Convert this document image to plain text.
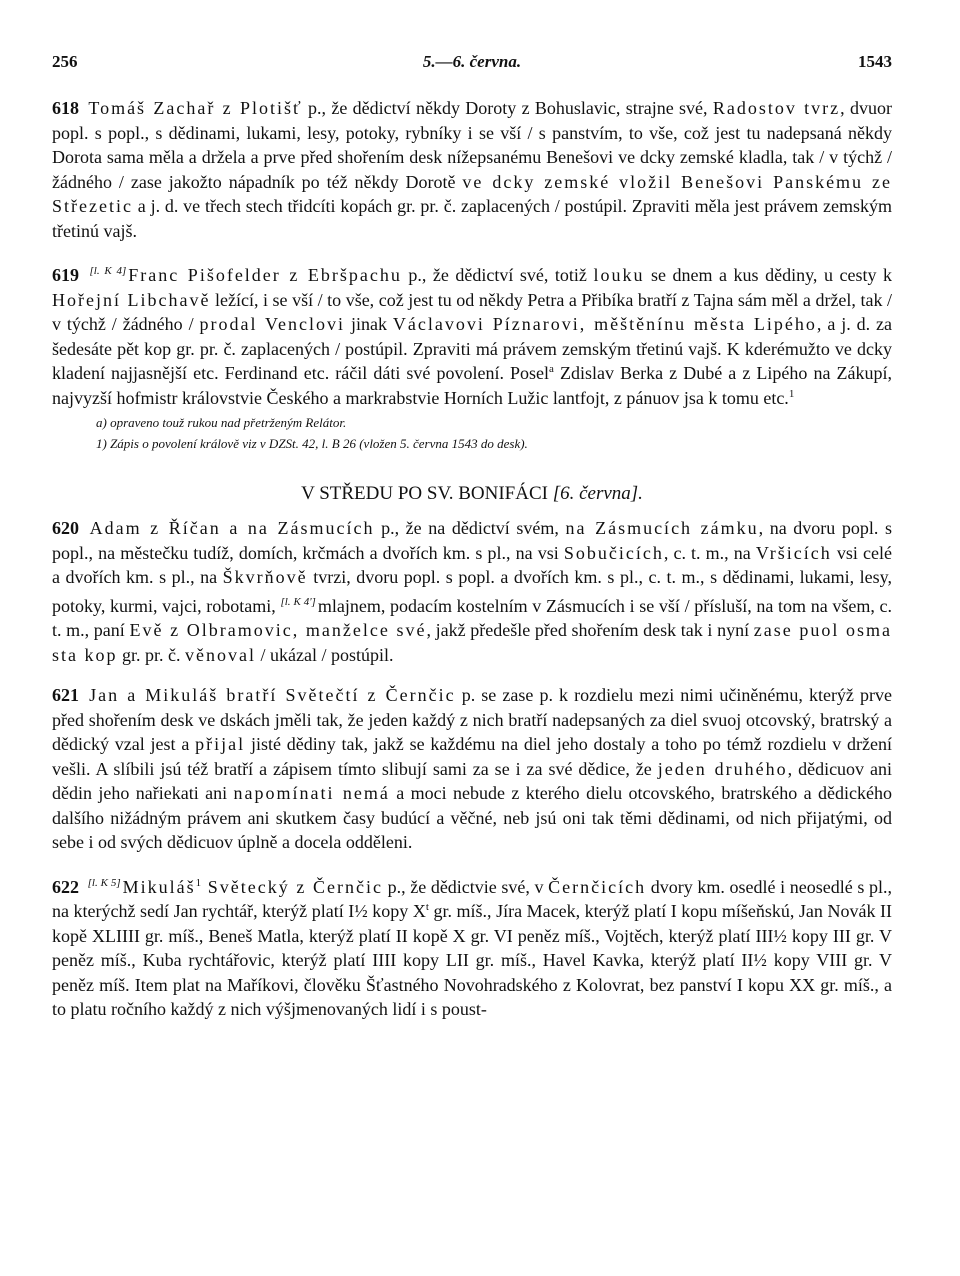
256	5.—6. června.	1543

618 Tomáš Zachař z Plotišť p., že dědictví někdy Doroty z Bohuslavic, strajne své, Radostov tvrz, dvuor popl. s popl., s dědinami, lukami, lesy, potoky, rybníky i se vší / s panstvím, to vše, což jest tu nadepsaná někdy Dorota sama měla a držela a prve před shořením desk nížepsanému Benešovi ve dcky zemské kladla, tak / v týchž / žádného / zase jakožto nápadník po též někdy Dorotě ve dcky zemské vložil Benešovi Panskému ze Střezetic a j. d. ve třech stech třidcíti kopách gr. pr. č. zaplacených / postúpil. Zpraviti měla jest právem zemským třetinú vajš.

619 [l. K 4] Franc Pišofelder z Ebršpachu p., že dědictví své, totiž louku se dnem a kus dědiny, u cesty k Hořejní Libchavě ležící, i se vší / to vše, což jest tu od někdy Petra a Přibíka bratří z Tajna sám měl a držel, tak / v týchž / žádného / prodal Venclovi jinak Václavovi Píznarovi, měštěnínu města Lipého, a j. d. za šedesáte pět kop gr. pr. č. zaplacených / postúpil. Zpraviti má právem zemským třetinú vajš. K kderémužto ve dcky kladení najjasnější etc. Ferdinand etc. ráčil dáti své povolení. Posel$^a$ Zdislav Berka z Dubé a z Lipého na Zákupí, najvyzší hofmistr královstvie Českého a markrabstvie Horních Lužic lantfojt, z pánuov jsa k tomu etc.$^1$

a) opraveno touž rukou nad přetrženým Relátor.
1) Zápis o povolení králově viz v DZSt. 42, l. B 26 (vložen 5. června 1543 do desk).

V STŘEDU PO SV. BONIFÁCI [6. června].

620 Adam z Říčan a na Zásmucích p., že na dědictví svém, na Zásmucích zámku, na dvoru popl. s popl., na městečku tudíž, domích, krčmách a dvořích km. s pl., na vsi Sobučicích, c. t. m., na Vršicích vsi celé a dvořích km. s pl., na Škvrňově tvrzi, dvoru popl. s popl. a dvořích km. s pl., c. t. m., s dědinami, lukami, lesy, potoky, kurmi, vajci, robotami, [l. K 4'] mlajnem, podacím kostelním v Zásmucích i se vší / přísluší, na tom na všem, c. t. m., paní Evě z Olbramovic, manželce své, jakž předešle před shořením desk tak i nyní zase puol osma sta kop gr. pr. č. věnoval / ukázal / postúpil.

621 Jan a Mikuláš bratří Světečtí z Černčic p. se zase p. k rozdielu mezi nimi učiněnému, kterýž prve před shořením desk ve dskách jměli tak, že jeden každý z nich bratří nadepsaných za diel svuoj otcovský, bratrský a dědický vzal jest a přijal jisté dědiny tak, jakž se každému na diel jeho dostaly a toho po témž rozdielu v držení vešli. A slíbili jsú též bratří a zápisem tímto slibují sami za se i za své dědice, že jeden druhého, dědicuov ani dědin jeho nařiekati ani napomínati nemá a moci nebude z kterého dielu otcovského, bratrského a dědického dalšího nižádným právem ani skutkem časy budúcí a věčné, neb jsú oni tak těmi dědinami, od nich přijatými, od sebe i od svých dědicuov úplně a docela odděleni.

622 [l. K 5] Mikuláš$^1$ Světecký z Černčic p., že dědictvie své, v Černčicích dvory km. osedlé i neosedlé s pl., na kterýchž sedí Jan rychtář, kterýž platí I½ kopy $X^t$ gr. míš., Jíra Macek, kterýž platí I kopu míšeňskú, Jan Novák II kopě XLIIII gr. míš., Beneš Matla, kterýž platí II kopě X gr. VI peněz míš., Vojtěch, kterýž platí III½ kopy III gr. V peněz míš., Kuba rychtářovic, kterýž platí IIII kopy LII gr. míš., Havel Kavka, kterýž platí II½ kopy VIII gr. V peněz míš. Item plat na Maříkovi, člověku Šťastného Novohradského z Kolovrat, bez panství I kopu XX gr. míš., a to platu ročního každý z nich výšjmenovaných lidí i s poust-
